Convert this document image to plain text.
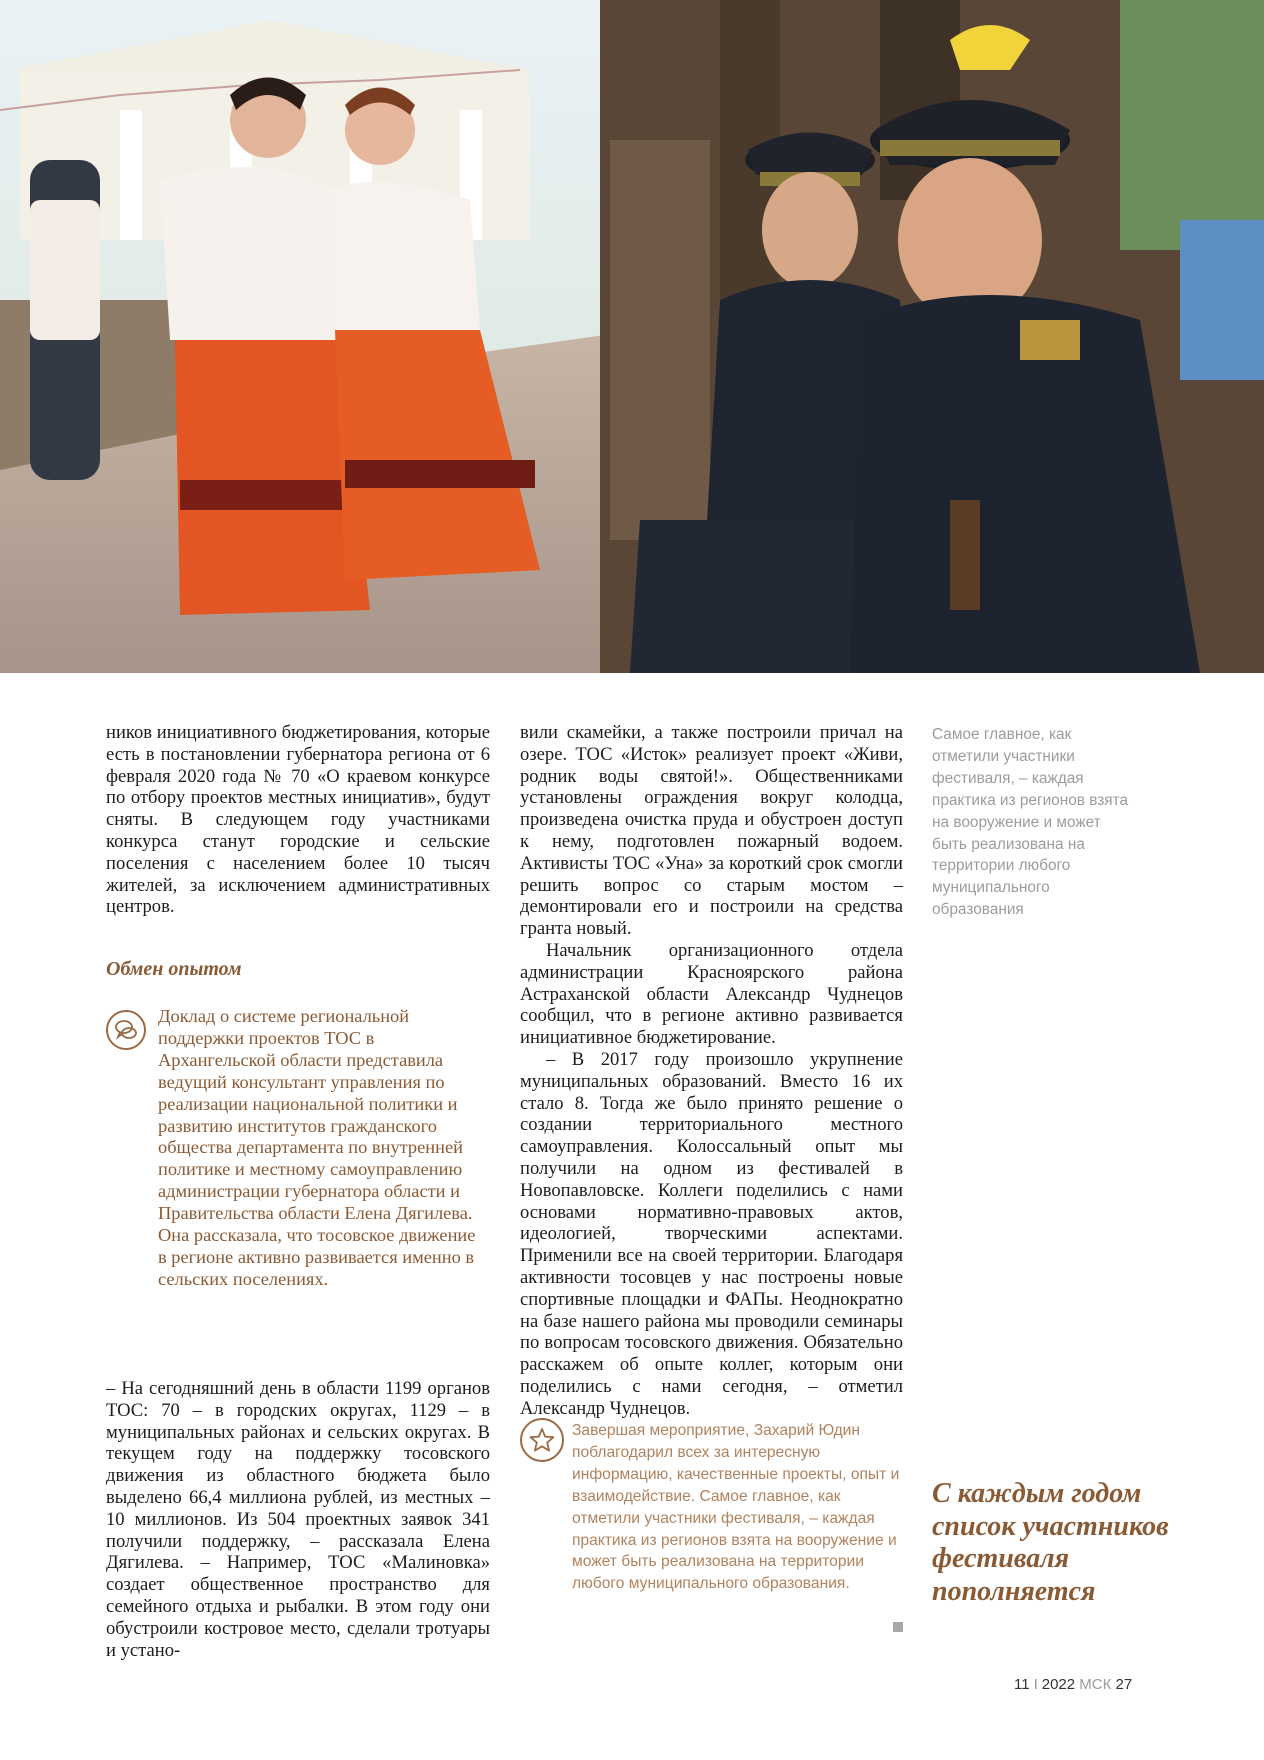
ников инициативного бюджетирования, которые есть в постановлении губернатора региона от 6 февраля 2020 года № 70 «О краевом конкурсе по отбору проектов местных инициатив», будут сняты. В следующем году участниками конкурса станут городские и сельские поселения с населением более 10 тысяч жителей, за исключением административных центров.

Обмен опытом
Доклад о системе региональной поддержки проектов ТОС в Архангельской области представила ведущий консультант управления по реализации национальной политики и развитию институтов гражданского общества департамента по внутренней политике и местному самоуправлению администрации губернатора области и Правительства области Елена Дягилева. Она рассказала, что тосовское движение в регионе активно развивается именно в сельских поселениях.

– На сегодняшний день в области 1199 органов ТОС: 70 – в городских округах, 1129 – в муниципальных районах и сельских округах. В текущем году на поддержку тосовского движения из областного бюджета было выделено 66,4 миллиона рублей, из местных – 10 миллионов. Из 504 проектных заявок 341 получили поддержку, – рассказала Елена Дягилева. – Например, ТОС «Малиновка» создает общественное пространство для семейного отдыха и рыбалки. В этом году они обустроили костровое место, сделали тротуары и устано-

вили скамейки, а также построили причал на озере. ТОС «Исток» реализует проект «Живи, родник воды святой!». Общественниками установлены ограждения вокруг колодца, произведена очистка пруда и обустроен доступ к нему, подготовлен пожарный водоем. Активисты ТОС «Уна» за короткий срок смогли решить вопрос со старым мостом – демонтировали его и построили на средства гранта новый.

Начальник организационного отдела администрации Красноярского района Астраханской области Александр Чуднецов сообщил, что в регионе активно развивается инициативное бюджетирование.

– В 2017 году произошло укрупнение муниципальных образований. Вместо 16 их стало 8. Тогда же было принято решение о создании территориального местного самоуправления. Колоссальный опыт мы получили на одном из фестивалей в Новопавловске. Коллеги поделились с нами основами нормативно-правовых актов, идеологией, творческими аспектами. Применили все на своей территории. Благодаря активности тосовцев у нас построены новые спортивные площадки и ФАПы. Неоднократно на базе нашего района мы проводили семинары по вопросам тосовского движения. Обязательно расскажем об опыте коллег, которым они поделились с нами сегодня, – отметил Александр Чуднецов.

Завершая мероприятие, Захарий Юдин поблагодарил всех за интересную информацию, качественные проекты, опыт и взаимодействие. Самое главное, как отметили участники фестиваля, – каждая практика из регионов взята на вооружение и может быть реализована на территории любого муниципального образования.
Самое главное, как отметили участники фестиваля, – каждая практика из регионов взята на вооружение и может быть реализована на территории любого муниципального образования
С каждым годом список участников фестиваля пополняется
11 I 2022 МСК 27
